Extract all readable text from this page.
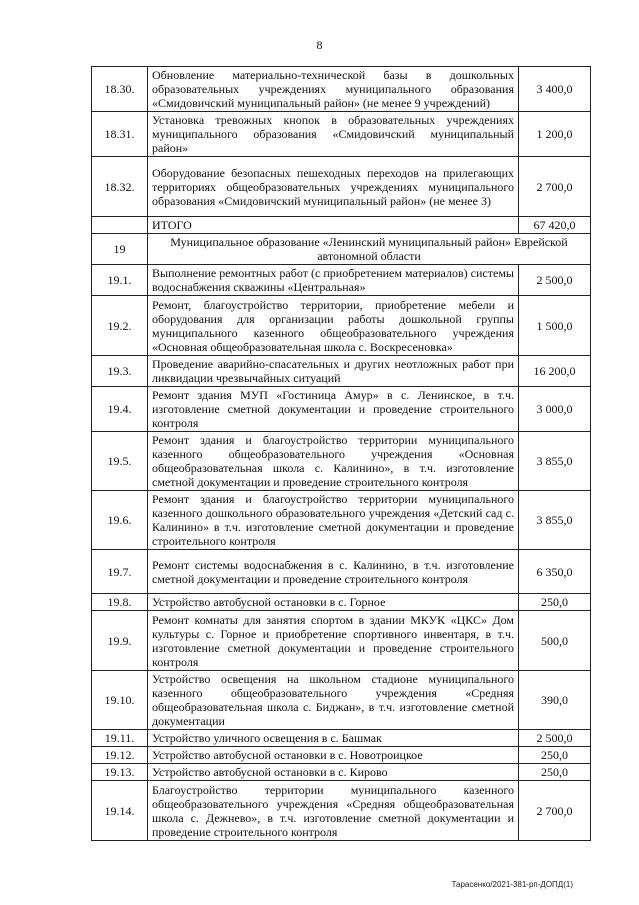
8
18.30.	Обновление материально-технической базы в дошкольных образовательных учреждениях муниципального образования «Смидовичский муниципальный район» (не менее 9 учреждений)	3 400,0
18.31.	Установка тревожных кнопок в образовательных учреждениях муниципального образования «Смидовичский муниципальный район»	1 200,0
18.32.	Оборудование безопасных пешеходных переходов на прилегающих территориях общеобразовательных учреждениях муниципального образования «Смидовичский муниципальный район» (не менее 3)	2 700,0
	ИТОГО	67 420,0
19	Муниципальное образование «Ленинский муниципальный район» Еврейской автономной области	
19.1.	Выполнение ремонтных работ (с приобретением материалов) системы водоснабжения скважины «Центральная»	2 500,0
19.2.	Ремонт, благоустройство территории, приобретение мебели и оборудования для организации работы дошкольной группы муниципального казенного общеобразовательного учреждения «Основная общеобразовательная школа с. Воскресеновка»	1 500,0
19.3.	Проведение аварийно-спасательных и других неотложных работ при ликвидации чрезвычайных ситуаций	16 200,0
19.4.	Ремонт здания МУП «Гостиница Амур» в с. Ленинское, в т.ч. изготовление сметной документации и проведение строительного контроля	3 000,0
19.5.	Ремонт здания и благоустройство территории муниципального казенного общеобразовательного учреждения «Основная общеобразовательная школа с. Калинино», в т.ч. изготовление сметной документации и проведение строительного контроля	3 855,0
19.6.	Ремонт здания и благоустройство территории муниципального казенного дошкольного образовательного учреждения «Детский сад с. Калинино» в т.ч. изготовление сметной документации и проведение строительного контроля	3 855,0
19.7.	Ремонт системы водоснабжения в с. Калинино, в т.ч. изготовление сметной документации и проведение строительного контроля	6 350,0
19.8.	Устройство автобусной остановки в с. Горное	250,0
19.9.	Ремонт комнаты для занятия спортом в здании МКУК «ЦКС» Дом культуры с. Горное и приобретение спортивного инвентаря, в т.ч. изготовление сметной документации и проведение строительного контроля	500,0
19.10.	Устройство освещения на школьном стадионе муниципального казенного общеобразовательного учреждения «Средняя общеобразовательная школа с. Биджан», в т.ч. изготовление сметной документации	390,0
19.11.	Устройство уличного освещения в с. Башмак	2 500,0
19.12.	Устройство автобусной остановки в с. Новотроицкое	250,0
19.13.	Устройство автобусной остановки в с. Кирово	250,0
19.14.	Благоустройство территории муниципального казенного общеобразовательного учреждения «Средняя общеобразовательная школа с. Дежнево», в т.ч. изготовление сметной документации и проведение строительного контроля	2 700,0
Тарасенко/2021-381-рп-ДОПД(1)
